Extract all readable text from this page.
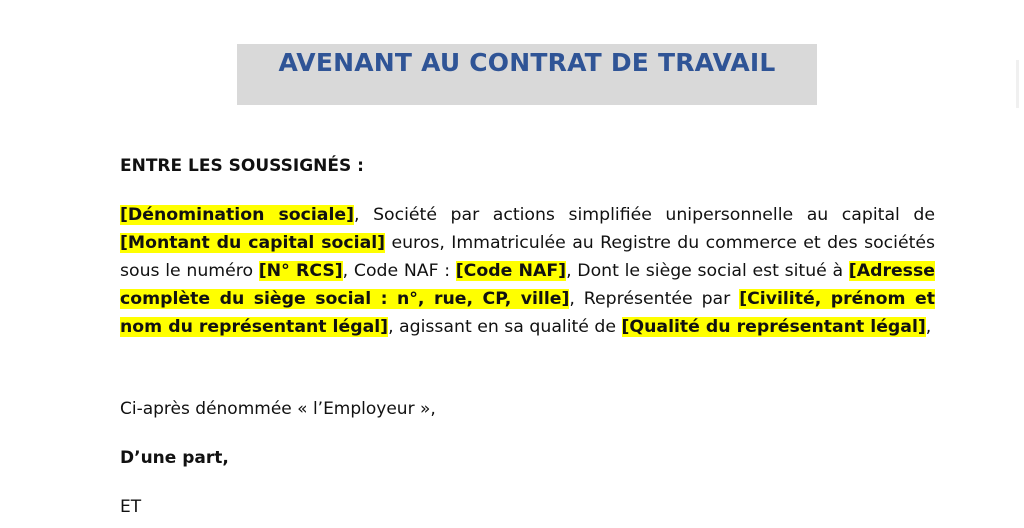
AVENANT AU CONTRAT DE TRAVAIL
ENTRE LES SOUSSIGNÉS :

[Dénomination sociale], Société par actions simplifiée unipersonnelle au capital de [Montant du capital social] euros, Immatriculée au Registre du commerce et des sociétés sous le numéro [N° RCS], Code NAF : [Code NAF], Dont le siège social est situé à [Adresse complète du siège social : n°, rue, CP, ville], Représentée par [Civilité, prénom et nom du représentant légal], agissant en sa qualité de [Qualité du représentant légal],

Ci-après dénommée « l’Employeur »,
D’une part,
ET
